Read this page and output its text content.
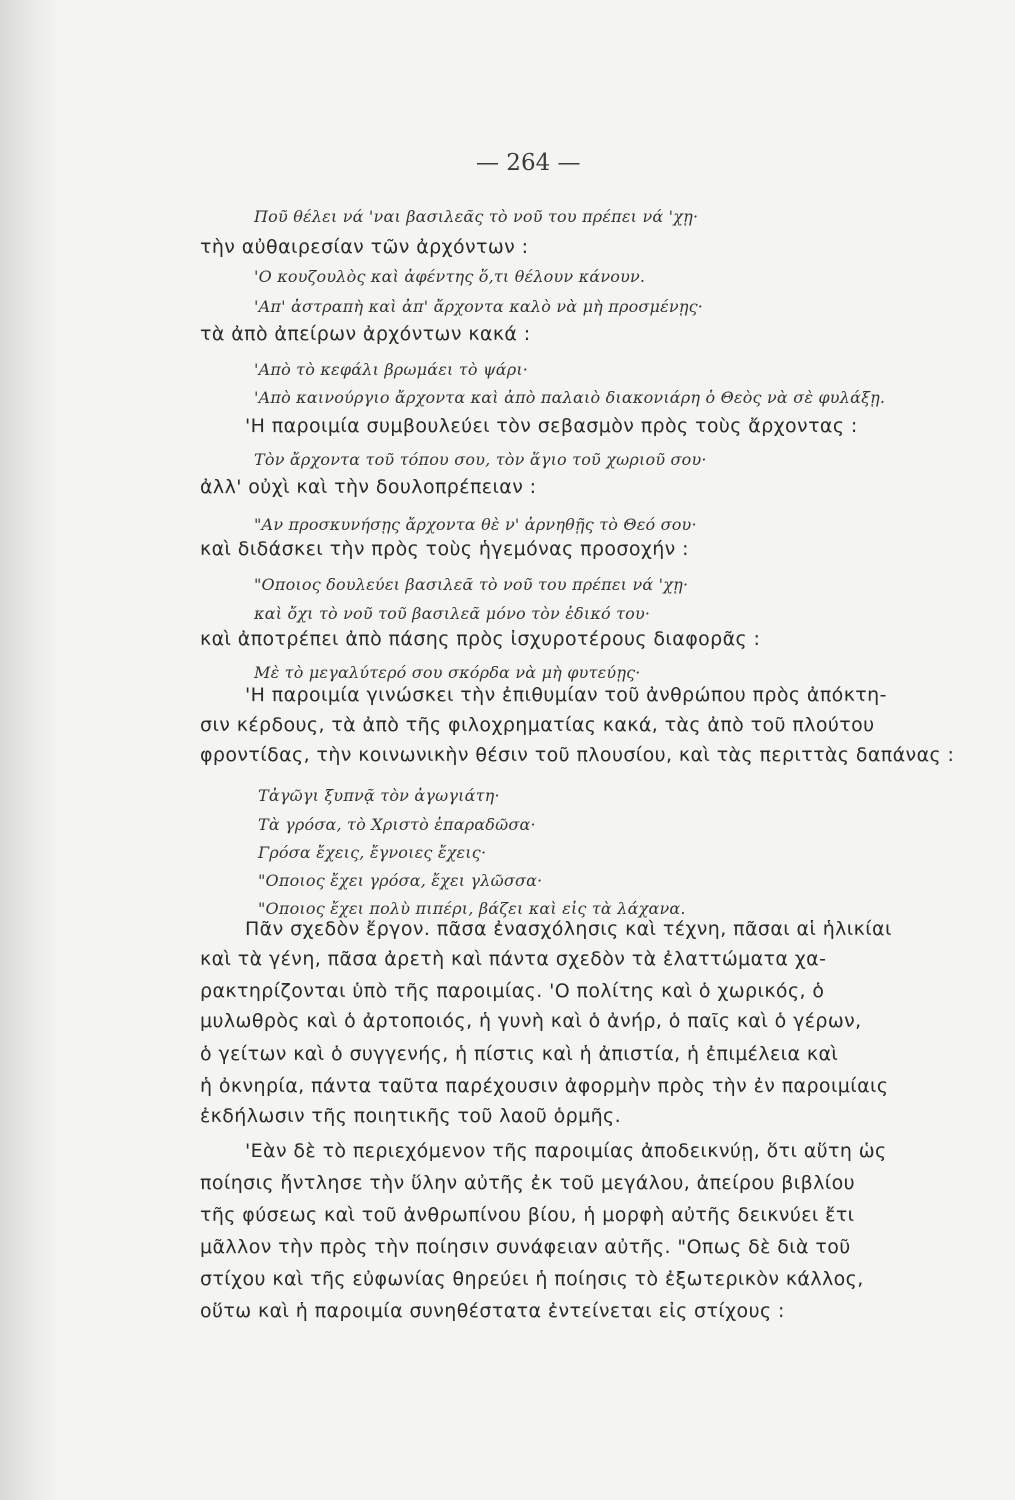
— 264 —

Ποῦ θέλει νά 'ναι βασιλεᾶς τὸ νοῦ του πρέπει νά 'χῃ·

τὴν αὐθαιρεσίαν τῶν ἀρχόντων :

'Ο κουζουλὸς καὶ ἀφέντης ὅ,τι θέλουν κάνουν.

'Απ' ἀστραπὴ καὶ ἀπ' ἄρχοντα καλὸ νὰ μὴ προσμένῃς·

τὰ ἀπὸ ἀπείρων ἀρχόντων κακά :

'Απὸ τὸ κεφάλι βρωμάει τὸ ψάρι·

'Απὸ καινούργιο ἄρχοντα καὶ ἀπὸ παλαιὸ διακονιάρη ὁ Θεὸς νὰ σὲ φυλάξῃ.

'Η παροιμία συμβουλεύει τὸν σεβασμὸν πρὸς τοὺς ἄρχοντας :

Τὸν ἄρχοντα τοῦ τόπου σου, τὸν ἅγιο τοῦ χωριοῦ σου·

ἀλλ' οὐχὶ καὶ τὴν δουλοπρέπειαν :

"Αν προσκυνήσῃς ἄρχοντα θὲ ν' ἀρνηθῇς τὸ Θεό σου·

καὶ διδάσκει τὴν πρὸς τοὺς ἡγεμόνας προσοχήν :

"Οποιος δουλεύει βασιλεᾶ τὸ νοῦ του πρέπει νά 'χῃ·

καὶ ὄχι τὸ νοῦ τοῦ βασιλεᾶ μόνο τὸν ἐδικό του·

καὶ ἀποτρέπει ἀπὸ πάσης πρὸς ἰσχυροτέρους διαφορᾶς :

Μὲ τὸ μεγαλύτερό σου σκόρδα νὰ μὴ φυτεύῃς·

'Η παροιμία γινώσκει τὴν ἐπιθυμίαν τοῦ ἀνθρώπου πρὸς ἀπόκτη-

σιν κέρδους, τὰ ἀπὸ τῆς φιλοχρηματίας κακά, τὰς ἀπὸ τοῦ πλούτου

φροντίδας, τὴν κοινωνικὴν θέσιν τοῦ πλουσίου, καὶ τὰς περιττὰς δαπάνας :

Τἀγῶγι ξυπνᾷ τὸν ἀγωγιάτη·

Τὰ γρόσα, τὸ Χριστὸ ἐπαραδῶσα·

Γρόσα ἔχεις, ἔγνοιες ἔχεις·

"Οποιος ἔχει γρόσα, ἔχει γλῶσσα·

"Οποιος ἔχει πολὺ πιπέρι, βάζει καὶ εἰς τὰ λάχανα.

Πᾶν σχεδὸν ἔργον. πᾶσα ἐνασχόλησις καὶ τέχνη, πᾶσαι αἱ ἡλικίαι

καὶ τὰ γένη, πᾶσα ἀρετὴ καὶ πάντα σχεδὸν τὰ ἐλαττώματα χα-

ρακτηρίζονται ὑπὸ τῆς παροιμίας. 'Ο πολίτης καὶ ὁ χωρικός, ὁ

μυλωθρὸς καὶ ὁ ἀρτοποιός, ἡ γυνὴ καὶ ὁ ἀνήρ, ὁ παῖς καὶ ὁ γέρων,

ὁ γείτων καὶ ὁ συγγενής, ἡ πίστις καὶ ἡ ἀπιστία, ἡ ἐπιμέλεια καὶ

ἡ ὀκνηρία, πάντα ταῦτα παρέχουσιν ἀφορμὴν πρὸς τὴν ἐν παροιμίαις

ἐκδήλωσιν τῆς ποιητικῆς τοῦ λαοῦ ὁρμῆς.

'Εὰν δὲ τὸ περιεχόμενον τῆς παροιμίας ἀποδεικνύῃ, ὅτι αὕτη ὡς

ποίησις ἤντλησε τὴν ὕλην αὐτῆς ἐκ τοῦ μεγάλου, ἀπείρου βιβλίου

τῆς φύσεως καὶ τοῦ ἀνθρωπίνου βίου, ἡ μορφὴ αὐτῆς δεικνύει ἔτι

μᾶλλον τὴν πρὸς τὴν ποίησιν συνάφειαν αὐτῆς. "Οπως δὲ διὰ τοῦ

στίχου καὶ τῆς εὐφωνίας θηρεύει ἡ ποίησις τὸ ἐξωτερικὸν κάλλος,

οὕτω καὶ ἡ παροιμία συνηθέστατα ἐντείνεται εἰς στίχους :
